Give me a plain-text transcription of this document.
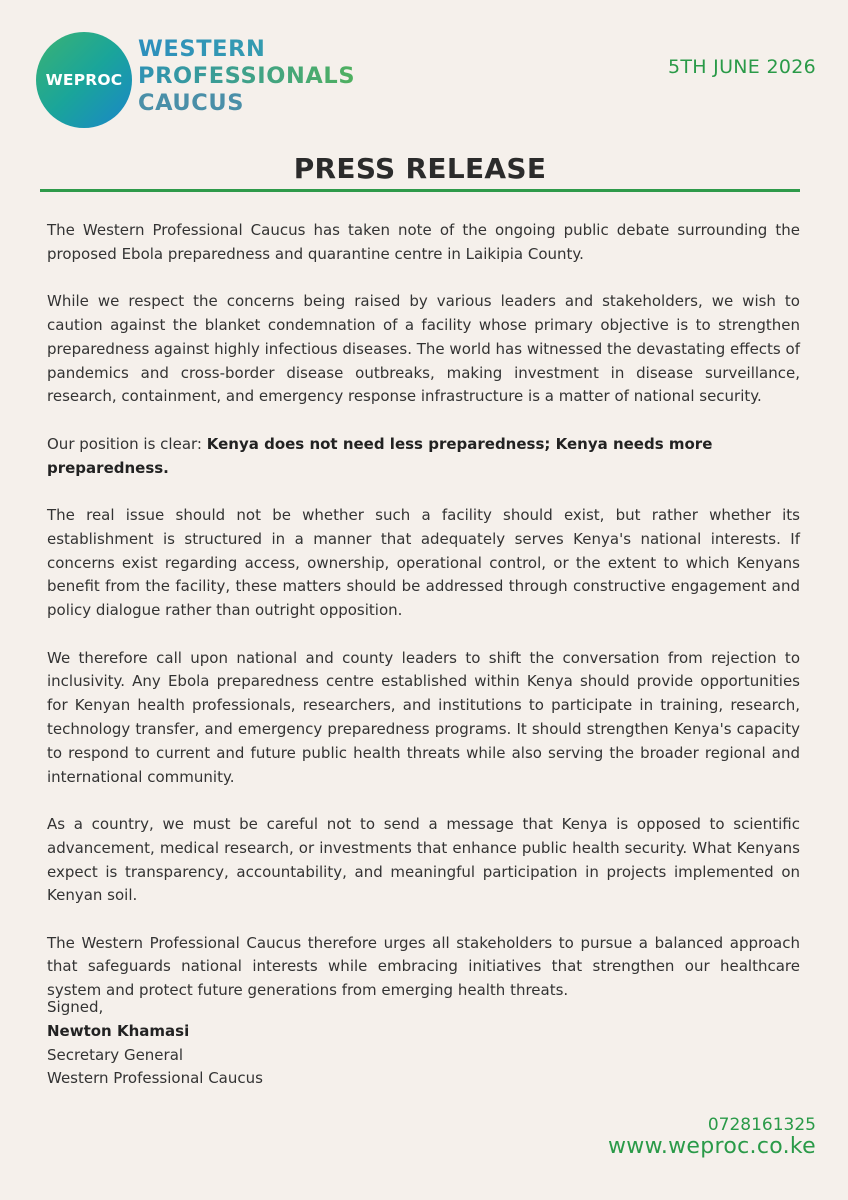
WEPROC
WESTERN
PROFESSIONALS
CAUCUS
5TH JUNE 2026
PRESS RELEASE

The Western Professional Caucus has taken note of the ongoing public debate surrounding the proposed Ebola preparedness and quarantine centre in Laikipia County.

While we respect the concerns being raised by various leaders and stakeholders, we wish to caution against the blanket condemnation of a facility whose primary objective is to strengthen preparedness against highly infectious diseases. The world has witnessed the devastating effects of pandemics and cross-border disease outbreaks, making investment in disease surveillance, research, containment, and emergency response infrastructure is a matter of national security.

Our position is clear: Kenya does not need less preparedness; Kenya needs more preparedness.

The real issue should not be whether such a facility should exist, but rather whether its establishment is structured in a manner that adequately serves Kenya's national interests. If concerns exist regarding access, ownership, operational control, or the extent to which Kenyans benefit from the facility, these matters should be addressed through constructive engagement and policy dialogue rather than outright opposition.

We therefore call upon national and county leaders to shift the conversation from rejection to inclusivity. Any Ebola preparedness centre established within Kenya should provide opportunities for Kenyan health professionals, researchers, and institutions to participate in training, research, technology transfer, and emergency preparedness programs. It should strengthen Kenya's capacity to respond to current and future public health threats while also serving the broader regional and international community.

As a country, we must be careful not to send a message that Kenya is opposed to scientific advancement, medical research, or investments that enhance public health security. What Kenyans expect is transparency, accountability, and meaningful participation in projects implemented on Kenyan soil.

The Western Professional Caucus therefore urges all stakeholders to pursue a balanced approach that safeguards national interests while embracing initiatives that strengthen our healthcare system and protect future generations from emerging health threats.

Signed,
Newton Khamasi
Secretary General
Western Professional Caucus
0728161325
www.weproc.co.ke
